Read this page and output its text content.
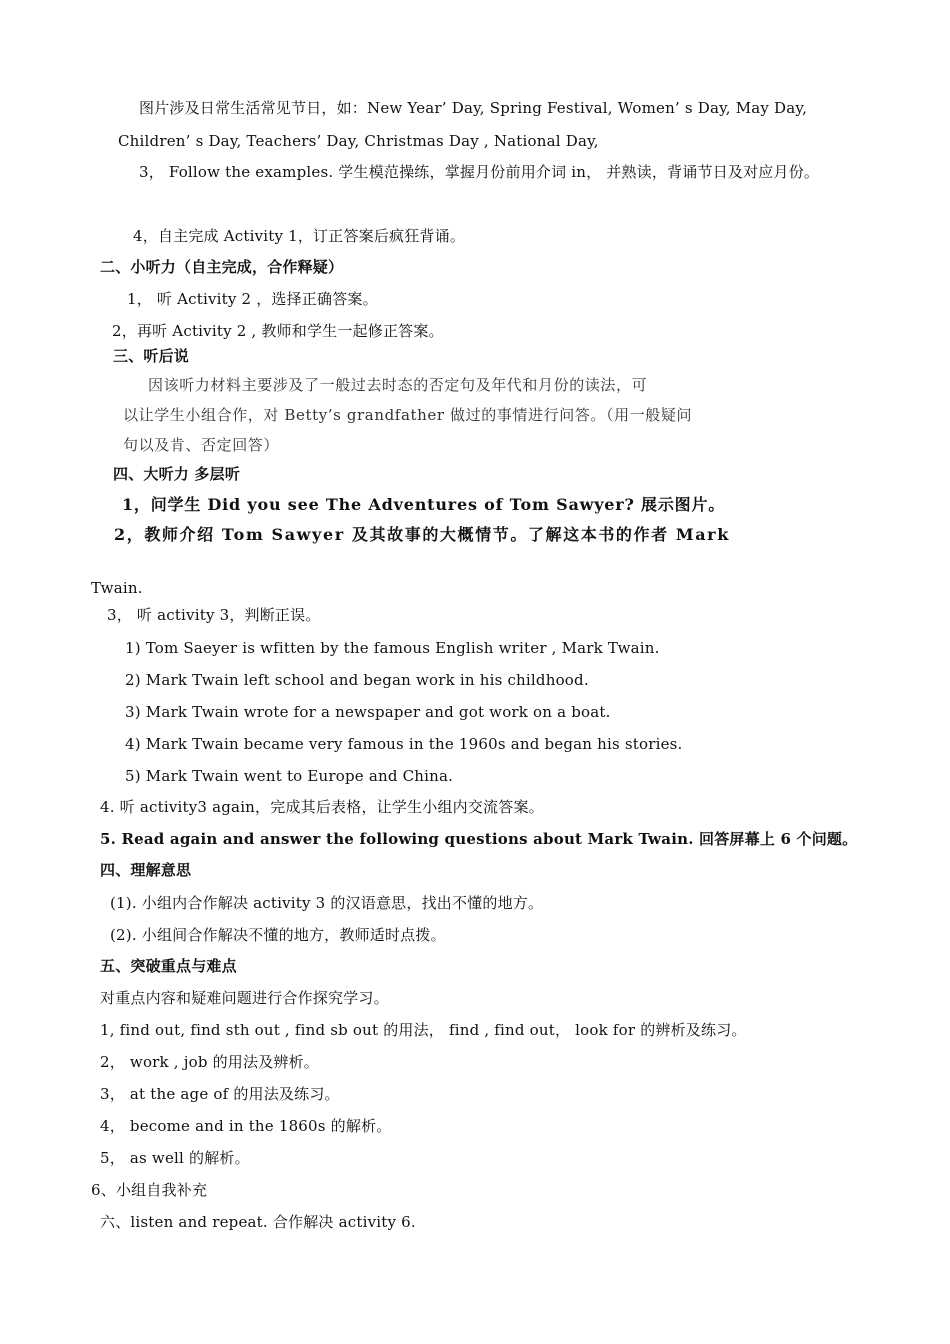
图片涉及日常生活常见节日，如：New Year’ Day, Spring Festival, Women’ s Day, May Day,
Children’ s Day, Teachers’ Day, Christmas Day , National Day,
3， Follow the examples. 学生模范操练，掌握月份前用介词 in， 并熟读，背诵节日及对应月份。
4，自主完成 Activity 1，订正答案后疯狂背诵。
二、小听力（自主完成，合作释疑）
1， 听 Activity 2 ，选择正确答案。
2，再听 Activity 2 , 教师和学生一起修正答案。
三、听后说
因该听力材料主要涉及了一般过去时态的否定句及年代和月份的读法，可
以让学生小组合作，对 Betty’s grandfather 做过的事情进行问答。（用一般疑问
句以及肯、否定回答）
四、大听力 多层听
1，问学生 Did you see The Adventures of Tom Sawyer? 展示图片。
2，教师介绍 Tom Sawyer 及其故事的大概情节。了解这本书的作者 Mark
Twain.
3， 听 activity 3，判断正误。
1) Tom Saeyer is wfitten by the famous English writer , Mark Twain.
2) Mark Twain left school and began work in his childhood.
3) Mark Twain wrote for a newspaper and got work on a boat.
4) Mark Twain became very famous in the 1960s and began his stories.
5) Mark Twain went to Europe and China.
4. 听 activity3 again，完成其后表格，让学生小组内交流答案。
5. Read again and answer the following questions about Mark Twain. 回答屏幕上 6 个问题。
四、理解意思
(1). 小组内合作解决 activity 3 的汉语意思，找出不懂的地方。
(2). 小组间合作解决不懂的地方，教师适时点拨。
五、突破重点与难点
对重点内容和疑难问题进行合作探究学习。
1, find out, find sth out , find sb out 的用法， find , find out， look for 的辨析及练习。
2， work , job 的用法及辨析。
3， at the age of 的用法及练习。
4， become and in the 1860s 的解析。
5， as well 的解析。
6、小组自我补充
六、listen and repeat. 合作解决 activity 6.
